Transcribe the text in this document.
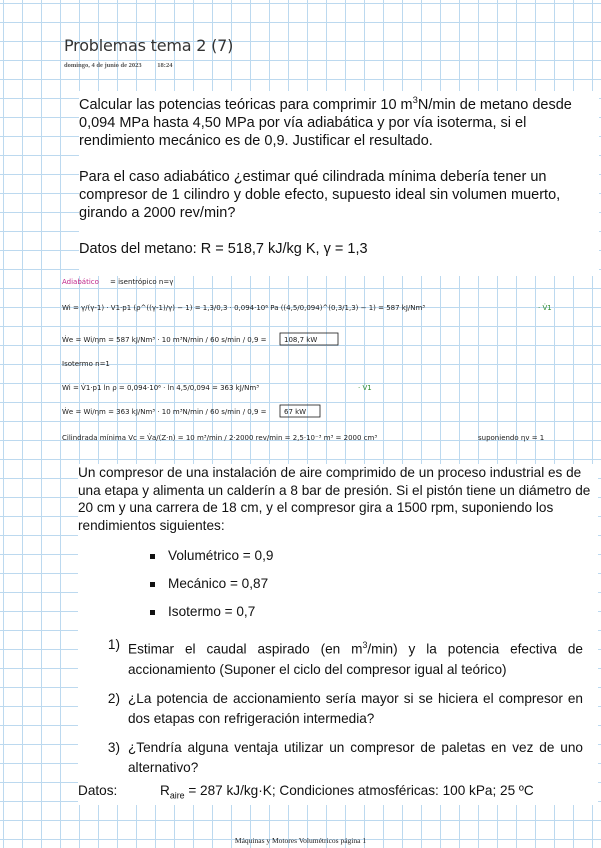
Problemas tema 2 (7)
domingo, 4 de junio de 2023 18:24

Calcular las potencias teóricas para comprimir 10 $m^3N/\min$ de metano desde 0,094 MPa hasta 4,50 MPa por vía adiabática y por vía isoterma, si el rendimiento mecánico es de 0,9. Justificar el resultado.

Para el caso adiabático ¿estimar qué cilindrada mínima debería tener un compresor de 1 cilindro y doble efecto, supuesto ideal sin volumen muerto, girando a 2000 rev/min?

Datos del metano: R = 518,7 kJ/kg K, γ = 1,3

Adiabático = isentrópico n=γ
Wi = γ/(γ-1) · V1·p1 (ρ^((γ-1)/γ) − 1) = 1,3/0,3 · 0,094·10⁶ Pa ((4,5/0,094)^(0,3/1,3) − 1) = 587 kJ/Nm³	· V̇1
Ẇe = Wi/ηm = 587 kJ/Nm³ · 10 m³N/min / 60 s/min / 0,9 = 108,7 kW
Isotermo n=1
Wi = V̇1·p1 ln ρ = 0,094·10⁶ · ln 4,5/0,094 = 363 kJ/Nm³	· V̇1
Ẇe = Wi/ηm = 363 kJ/Nm³ · 10 m³N/min / 60 s/min / 0,9 = 67 kW
Cilindrada mínima Vc = V̇a/(Z·n) = 10 m³/min / 2·2000 rev/min = 2,5·10⁻³ m³ = 2000 cm³	suponiendo ηv = 1

Un compresor de una instalación de aire comprimido de un proceso industrial es de una etapa y alimenta un calderín a 8 bar de presión. Si el pistón tiene un diámetro de 20 cm y una carrera de 18 cm, y el compresor gira a 1500 rpm, suponiendo los rendimientos siguientes:

Volumétrico = 0,9
Mecánico = 0,87
Isotermo = 0,7
1) Estimar el caudal aspirado (en $m^3/\min$) y la potencia efectiva de accionamiento (Suponer el ciclo del compresor igual al teórico)
2) ¿La potencia de accionamiento sería mayor si se hiciera el compresor en dos etapas con refrigeración intermedia?
3) ¿Tendría alguna ventaja utilizar un compresor de paletas en vez de uno alternativo?
Datos:	$R_{aire} = 287$ kJ/kg·K; Condiciones atmosféricas: 100 kPa; 25 ºC
Máquinas y Motores Volumétricos página 1
